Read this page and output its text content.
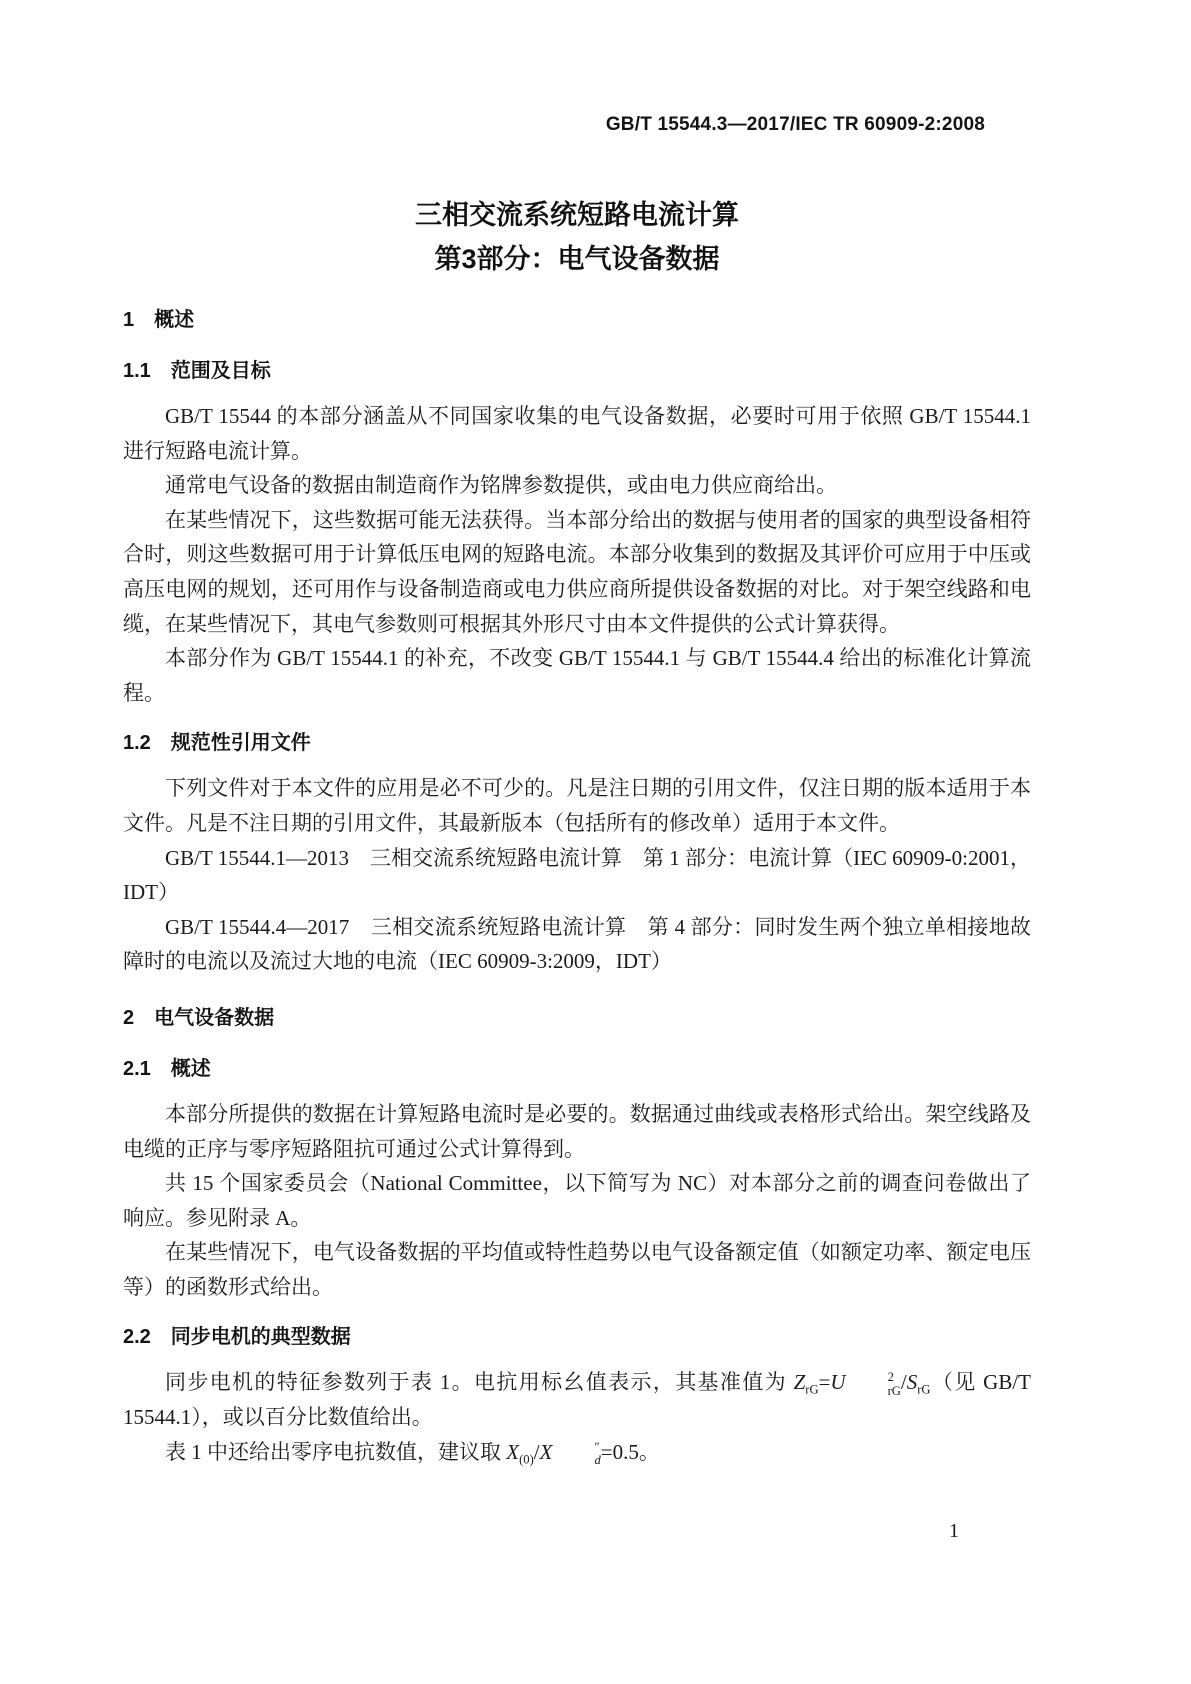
GB/T 15544.3—2017/IEC TR 60909-2:2008
三相交流系统短路电流计算
第3部分：电气设备数据
1　概述
1.1　范围及目标

GB/T 15544 的本部分涵盖从不同国家收集的电气设备数据，必要时可用于依照 GB/T 15544.1 进行短路电流计算。

通常电气设备的数据由制造商作为铭牌参数提供，或由电力供应商给出。

在某些情况下，这些数据可能无法获得。当本部分给出的数据与使用者的国家的典型设备相符合时，则这些数据可用于计算低压电网的短路电流。本部分收集到的数据及其评价可应用于中压或高压电网的规划，还可用作与设备制造商或电力供应商所提供设备数据的对比。对于架空线路和电缆，在某些情况下，其电气参数则可根据其外形尺寸由本文件提供的公式计算获得。

本部分作为 GB/T 15544.1 的补充，不改变 GB/T 15544.1 与 GB/T 15544.4 给出的标准化计算流程。

1.2　规范性引用文件

下列文件对于本文件的应用是必不可少的。凡是注日期的引用文件，仅注日期的版本适用于本文件。凡是不注日期的引用文件，其最新版本（包括所有的修改单）适用于本文件。

GB/T 15544.1—2013　三相交流系统短路电流计算　第 1 部分：电流计算（IEC 60909-0:2001，IDT）

GB/T 15544.4—2017　三相交流系统短路电流计算　第 4 部分：同时发生两个独立单相接地故障时的电流以及流过大地的电流（IEC 60909-3:2009，IDT）

2　电气设备数据
2.1　概述

本部分所提供的数据在计算短路电流时是必要的。数据通过曲线或表格形式给出。架空线路及电缆的正序与零序短路阻抗可通过公式计算得到。

共 15 个国家委员会（National Committee，以下简写为 NC）对本部分之前的调查问卷做出了响应。参见附录 A。

在某些情况下，电气设备数据的平均值或特性趋势以电气设备额定值（如额定功率、额定电压等）的函数形式给出。

2.2　同步电机的典型数据

同步电机的特征参数列于表 1。电抗用标幺值表示，其基准值为 $Z_{rG}=U$	2
rG $/S_{rG}$（见 GB/T 15544.1），或以百分比数值给出。

表 1 中还给出零序电抗数值，建议取 $X_{(0)}/X$	″
d =0.5。

1
